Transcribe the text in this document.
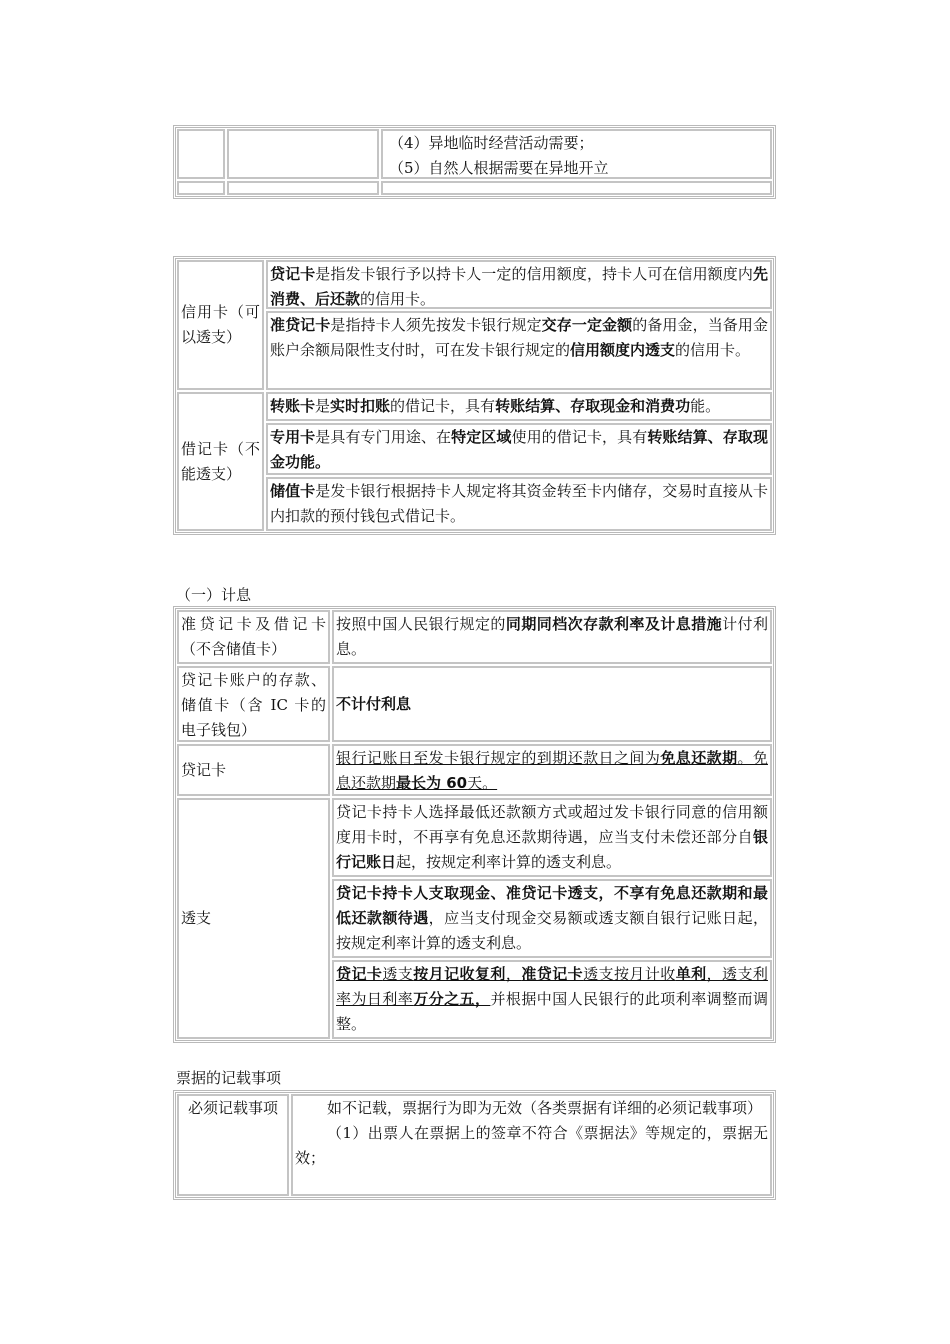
（4）异地临时经营活动需要；
（5）自然人根据需要在异地开立
信用卡（可以透支）
贷记卡是指发卡银行予以持卡人一定的信用额度，持卡人可在信用额度内先消费、后还款的信用卡。
准贷记卡是指持卡人须先按发卡银行规定交存一定金额的备用金，当备用金账户余额局限性支付时，可在发卡银行规定的信用额度内透支的信用卡。
借记卡（不能透支）
转账卡是实时扣账的借记卡，具有转账结算、存取现金和消费功能。
专用卡是具有专门用途、在特定区域使用的借记卡，具有转账结算、存取现金功能。
储值卡是发卡银行根据持卡人规定将其资金转至卡内储存，交易时直接从卡内扣款的预付钱包式借记卡。
（一）计息
准贷记卡及借记卡（不含储值卡）
按照中国人民银行规定的同期同档次存款利率及计息措施计付利息。
贷记卡账户的存款、储值卡（含 IC 卡的电子钱包）
不计付利息
贷记卡
银行记账日至发卡银行规定的到期还款日之间为免息还款期。免息还款期最长为 60天。
透支
贷记卡持卡人选择最低还款额方式或超过发卡银行同意的信用额度用卡时，不再享有免息还款期待遇，应当支付未偿还部分自银行记账日起，按规定利率计算的透支利息。
贷记卡持卡人支取现金、准贷记卡透支，不享有免息还款期和最低还款额待遇，应当支付现金交易额或透支额自银行记账日起，按规定利率计算的透支利息。
贷记卡透支按月记收复利，准贷记卡透支按月计收单利，透支利率为日利率万分之五，并根据中国人民银行的此项利率调整而调整。
票据的记载事项
必须记载事项	如不记载，票据行为即为无效（各类票据有详细的必须记载事项）
（1）出票人在票据上的签章不符合《票据法》等规定的，票据无效；
